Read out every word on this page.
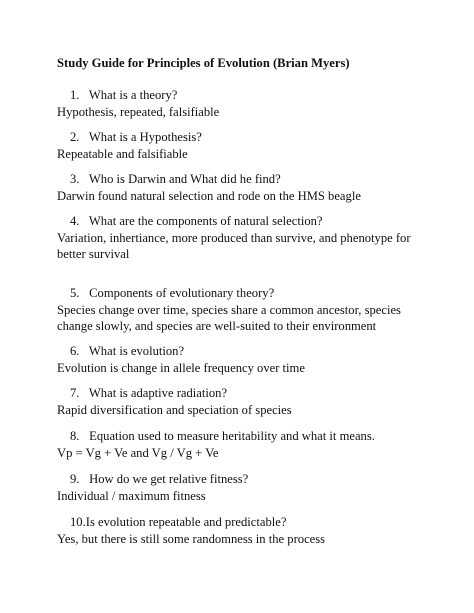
Study Guide for Principles of Evolution (Brian Myers)
1. What is a theory?
Hypothesis, repeated, falsifiable
2. What is a Hypothesis?
Repeatable and falsifiable
3. Who is Darwin and What did he find?
Darwin found natural selection and rode on the HMS beagle
4. What are the components of natural selection?
Variation, inhertiance, more produced than survive, and phenotype for better survival
5. Components of evolutionary theory?
Species change over time, species share a common ancestor, species change slowly, and species are well-suited to their environment
6. What is evolution?
Evolution is change in allele frequency over time
7. What is adaptive radiation?
Rapid diversification and speciation of species
8. Equation used to measure heritability and what it means.
Vp = Vg + Ve and Vg / Vg + Ve
9. How do we get relative fitness?
Individual / maximum fitness
10.Is evolution repeatable and predictable?
Yes, but there is still some randomness in the process
